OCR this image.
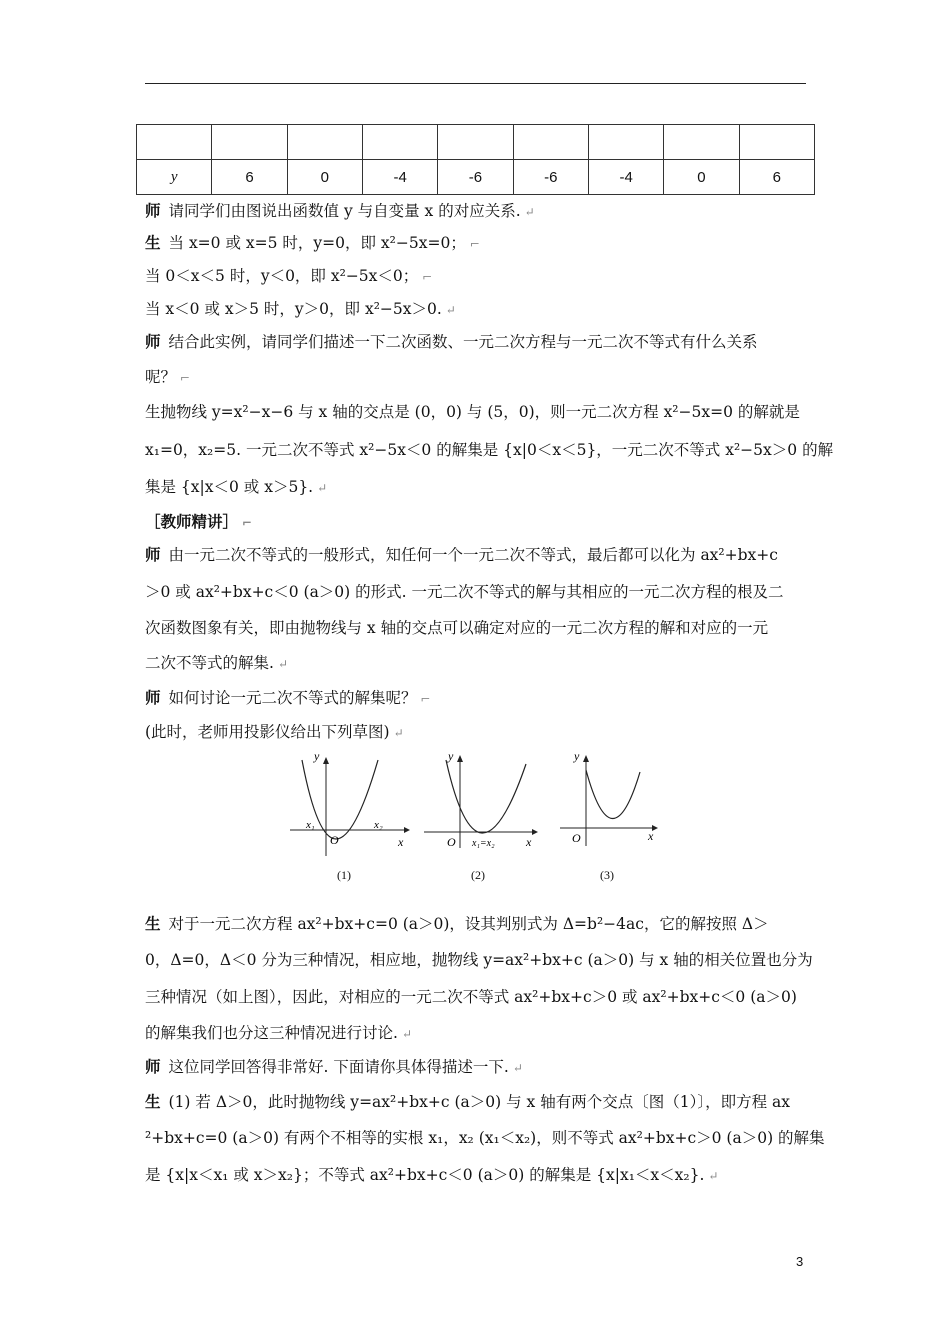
y	6	0	-4	-6	-6	-4	0	6
师 请同学们由图说出函数值 y 与自变量 x 的对应关系. ↵
生 当 x=0 或 x=5 时，y=0，即 x²−5x=0； ⌐
当 0＜x＜5 时，y＜0，即 x²−5x＜0； ⌐
当 x＜0 或 x＞5 时，y＞0，即 x²−5x＞0. ↵
师 结合此实例，请同学们描述一下二次函数、一元二次方程与一元二次不等式有什么关系
呢？ ⌐
生抛物线 y=x²−x−6 与 x 轴的交点是 (0，0) 与 (5，0)，则一元二次方程 x²−5x=0 的解就是
x₁=0，x₂=5. 一元二次不等式 x²−5x＜0 的解集是 {x|0＜x＜5}，一元二次不等式 x²−5x＞0 的解
集是 {x|x＜0 或 x＞5}. ↵
［教师精讲］ ⌐
师 由一元二次不等式的一般形式，知任何一个一元二次不等式，最后都可以化为 ax²+bx+c
＞0 或 ax²+bx+c＜0 (a＞0) 的形式. 一元二次不等式的解与其相应的一元二次方程的根及二
次函数图象有关，即由抛物线与 x 轴的交点可以确定对应的一元二次方程的解和对应的一元
二次不等式的解集. ↵
师 如何讨论一元二次不等式的解集呢？ ⌐
(此时，老师用投影仪给出下列草图) ↵
y
x
O
x₁	x₂
(1)
y
x
O x₁=x₂
(2)
y
x
O
(3)
生 对于一元二次方程 ax²+bx+c=0 (a＞0)，设其判别式为 Δ=b²−4ac，它的解按照 Δ＞
0，Δ=0，Δ＜0 分为三种情况，相应地，抛物线 y=ax²+bx+c (a＞0) 与 x 轴的相关位置也分为
三种情况（如上图），因此，对相应的一元二次不等式 ax²+bx+c＞0 或 ax²+bx+c＜0 (a＞0)
的解集我们也分这三种情况进行讨论. ↵
师 这位同学回答得非常好. 下面请你具体得描述一下. ↵
生 (1) 若 Δ＞0，此时抛物线 y=ax²+bx+c (a＞0) 与 x 轴有两个交点〔图（1）〕，即方程 ax
²+bx+c=0 (a＞0) 有两个不相等的实根 x₁，x₂ (x₁＜x₂)，则不等式 ax²+bx+c＞0 (a＞0) 的解集
是 {x|x＜x₁ 或 x＞x₂}；不等式 ax²+bx+c＜0 (a＞0) 的解集是 {x|x₁＜x＜x₂}. ↵
3
